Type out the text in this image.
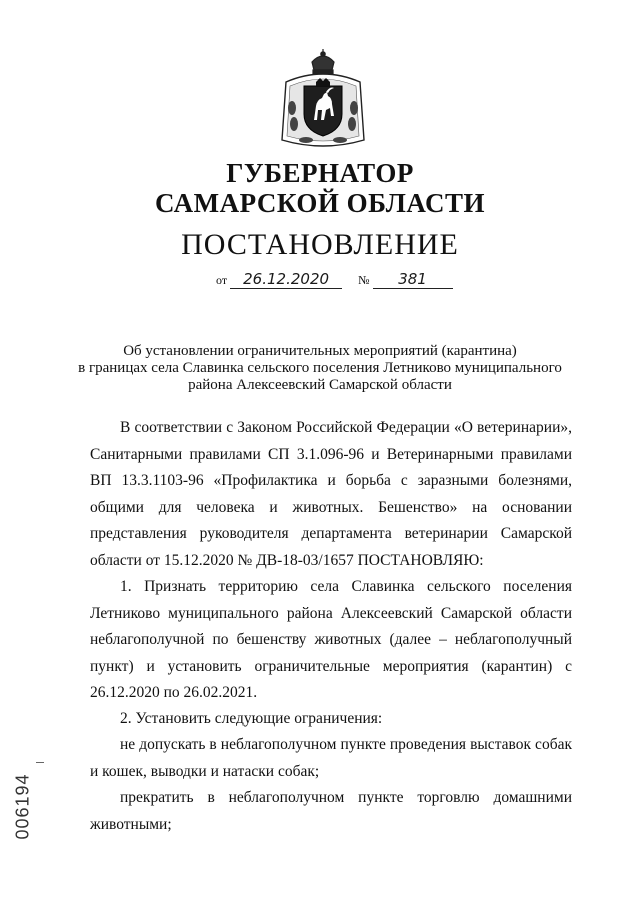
ГУБЕРНАТОР
САМАРСКОЙ ОБЛАСТИ
ПОСТАНОВЛЕНИЕ
от 26.12.2020 № 381
Об установлении ограничительных мероприятий (карантина)
в границах села Славинка сельского поселения Летниково муниципального
района Алексеевский Самарской области
В соответствии с Законом Российской Федерации «О ветеринарии», Санитарными правилами СП 3.1.096-96 и Ветеринарными правилами ВП 13.3.1103-96 «Профилактика и борьба с заразными болезнями, общими для человека и животных. Бешенство» на основании представления руководителя департамента ветеринарии Самарской области от 15.12.2020 № ДВ-18-03/1657 ПОСТАНОВЛЯЮ:
1. Признать территорию села Славинка сельского поселения Летниково муниципального района Алексеевский Самарской области неблагополучной по бешенству животных (далее – неблагополучный пункт) и установить ограничительные мероприятия (карантин) с 26.12.2020 по 26.02.2021.
2. Установить следующие ограничения:
не допускать в неблагополучном пункте проведения выставок собак и кошек, выводки и натаски собак;
прекратить в неблагополучном пункте торговлю домашними животными;
006194
